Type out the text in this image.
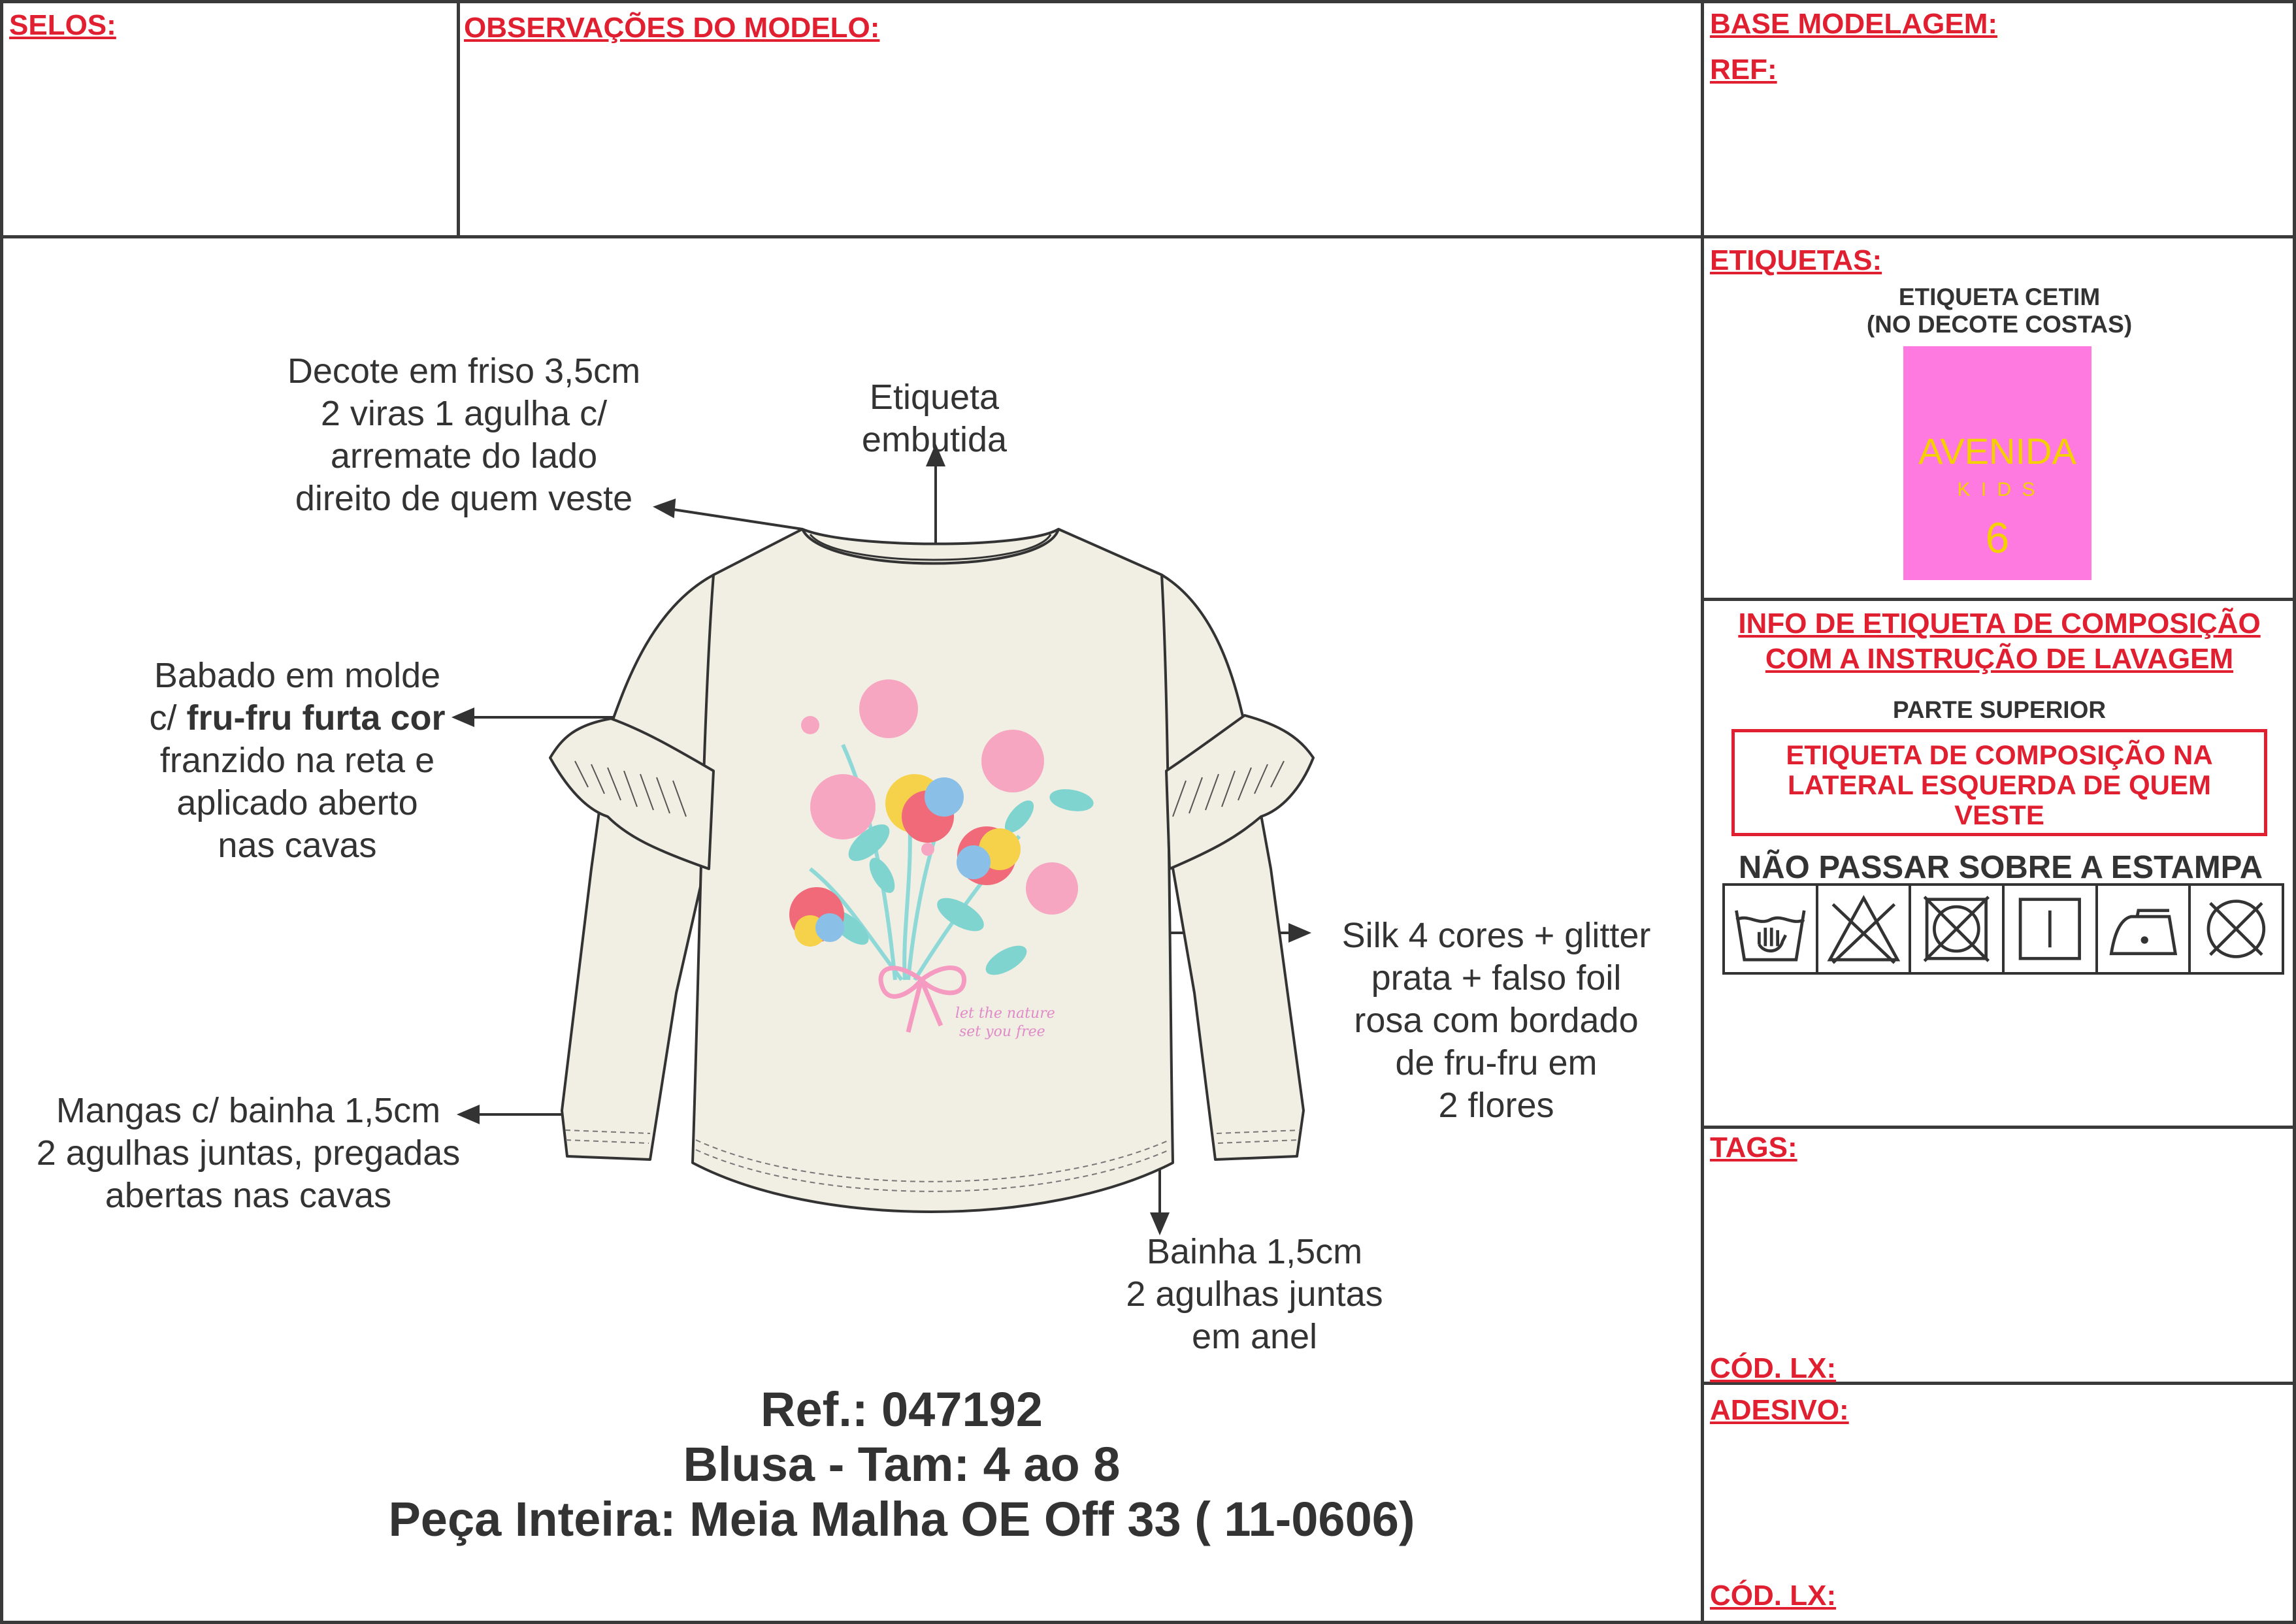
SELOS:	OBSERVAÇÕES DO MODELO:	BASE MODELAGEM:
REF:
let the nature
set you free
Decote em friso 3,5cm
2 viras 1 agulha c/
arremate do lado
direito de quem veste
Etiqueta
embutida
Babado em molde
c/ fru-fru furta cor
franzido na reta e
aplicado aberto
nas cavas
Silk 4 cores + glitter
prata + falso foil
rosa com bordado
de fru-fru em
2 flores
Mangas c/ bainha 1,5cm
2 agulhas juntas, pregadas
abertas nas cavas
Bainha 1,5cm
2 agulhas juntas
em anel
Ref.: 047192
Blusa - Tam: 4 ao 8
Peça Inteira: Meia Malha OE Off 33 ( 11-0606)
ETIQUETAS:
ETIQUETA CETIM
(NO DECOTE COSTAS)
AVENIDA
K I D S
6
INFO DE ETIQUETA DE COMPOSIÇÃO
COM A INSTRUÇÃO DE LAVAGEM
PARTE SUPERIOR
ETIQUETA DE COMPOSIÇÃO NA
LATERAL ESQUERDA DE QUEM
VESTE
NÃO PASSAR SOBRE A ESTAMPA
TAGS:
CÓD. LX:
ADESIVO:
CÓD. LX:
